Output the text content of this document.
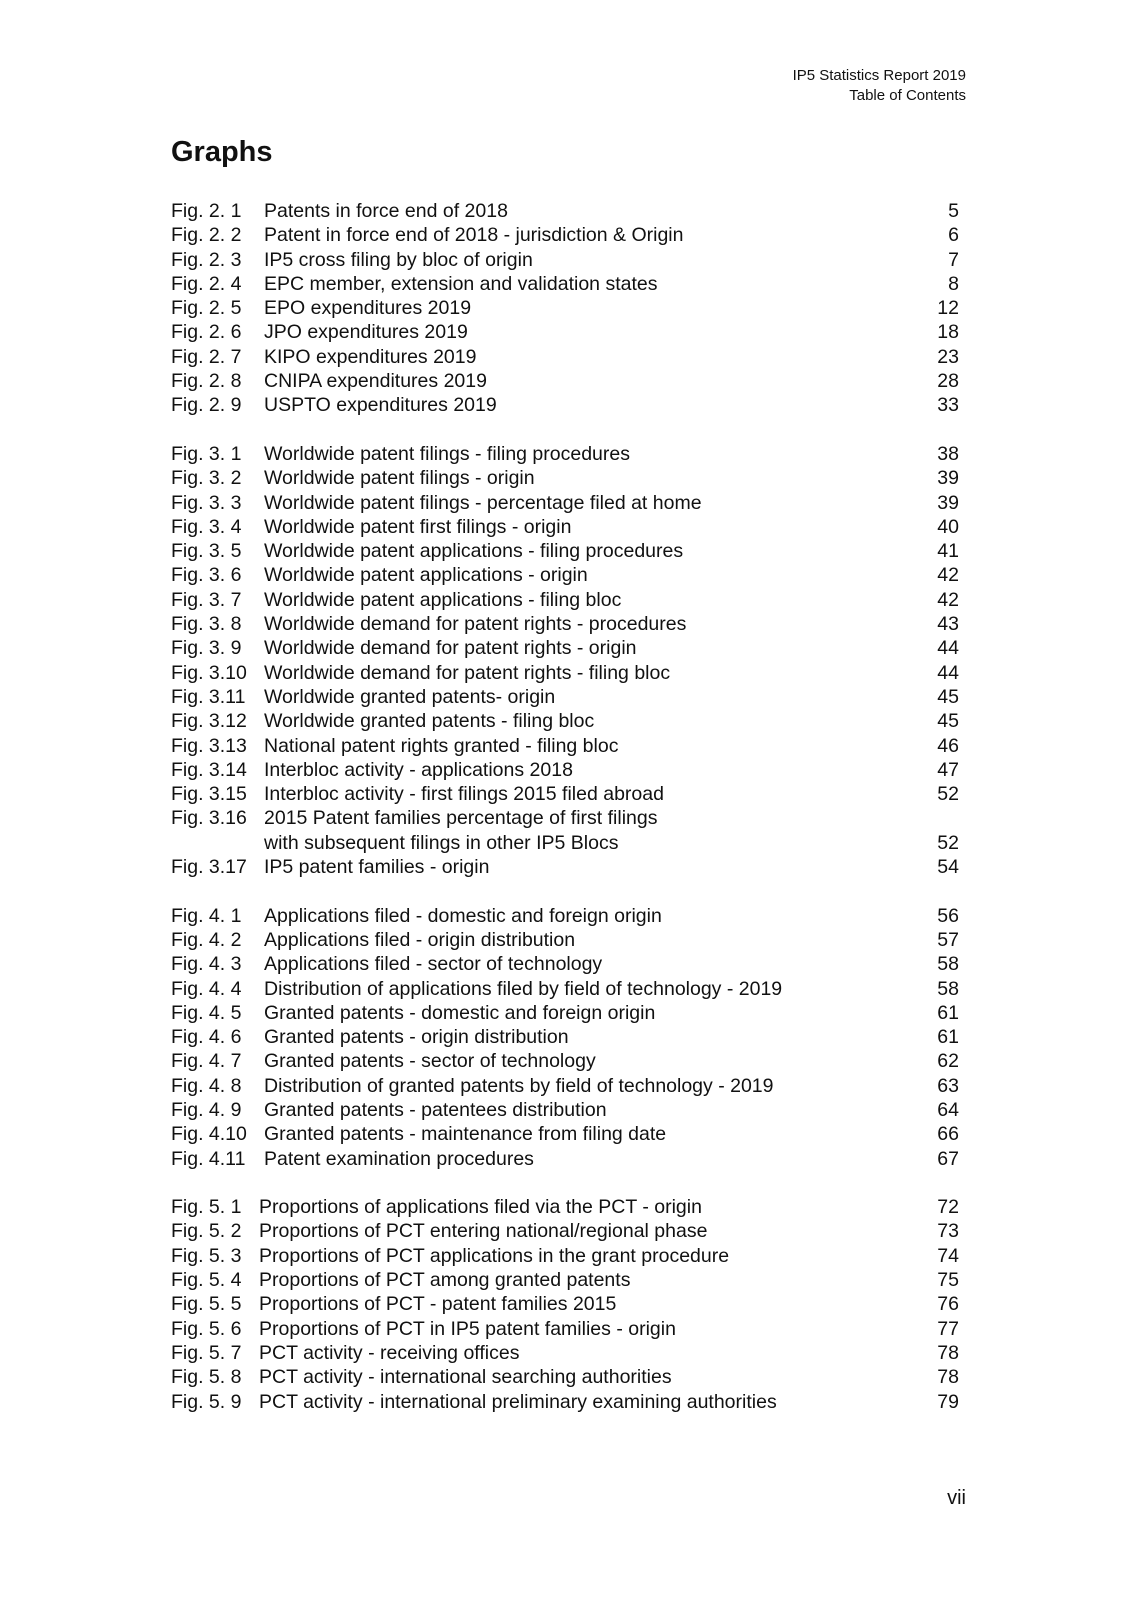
IP5 Statistics Report 2019
Table of Contents
Graphs
Fig. 2. 1	Patents in force end of 2018	5
Fig. 2. 2	Patent in force end of 2018 - jurisdiction & Origin	6
Fig. 2. 3	IP5 cross filing by bloc of origin	7
Fig. 2. 4	EPC member, extension and validation states	8
Fig. 2. 5	EPO expenditures 2019	12
Fig. 2. 6	JPO expenditures 2019	18
Fig. 2. 7	KIPO expenditures 2019	23
Fig. 2. 8	CNIPA expenditures 2019	28
Fig. 2. 9	USPTO expenditures 2019	33
Fig. 3. 1	Worldwide patent filings - filing procedures	38
Fig. 3. 2	Worldwide patent filings - origin	39
Fig. 3. 3	Worldwide patent filings - percentage filed at home	39
Fig. 3. 4	Worldwide patent first filings - origin	40
Fig. 3. 5	Worldwide patent applications - filing procedures	41
Fig. 3. 6	Worldwide patent applications - origin	42
Fig. 3. 7	Worldwide patent applications - filing bloc	42
Fig. 3. 8	Worldwide demand for patent rights - procedures	43
Fig. 3. 9	Worldwide demand for patent rights - origin	44
Fig. 3.10 Worldwide demand for patent rights - filing bloc	44
Fig. 3.11 Worldwide granted patents- origin	45
Fig. 3.12 Worldwide granted patents - filing bloc	45
Fig. 3.13 National patent rights granted - filing bloc	46
Fig. 3.14 Interbloc activity - applications 2018	47
Fig. 3.15 Interbloc activity - first filings 2015 filed abroad	52
Fig. 3.16 2015 Patent families percentage of first filings
with subsequent filings in other IP5 Blocs	52
Fig. 3.17 IP5 patent families - origin	54
Fig. 4. 1	Applications filed - domestic and foreign origin	56
Fig. 4. 2	Applications filed - origin distribution	57
Fig. 4. 3	Applications filed - sector of technology	58
Fig. 4. 4	Distribution of applications filed by field of technology - 2019	58
Fig. 4. 5	Granted patents - domestic and foreign origin	61
Fig. 4. 6	Granted patents - origin distribution	61
Fig. 4. 7	Granted patents - sector of technology	62
Fig. 4. 8	Distribution of granted patents by field of technology - 2019	63
Fig. 4. 9	Granted patents - patentees distribution	64
Fig. 4.10 Granted patents - maintenance from filing date	66
Fig. 4.11 Patent examination procedures	67
Fig. 5. 1 Proportions of applications filed via the PCT - origin	72
Fig. 5. 2 Proportions of PCT entering national/regional phase	73
Fig. 5. 3 Proportions of PCT applications in the grant procedure	74
Fig. 5. 4 Proportions of PCT among granted patents	75
Fig. 5. 5 Proportions of PCT - patent families 2015	76
Fig. 5. 6 Proportions of PCT in IP5 patent families - origin	77
Fig. 5. 7 PCT activity - receiving offices	78
Fig. 5. 8 PCT activity - international searching authorities	78
Fig. 5. 9 PCT activity - international preliminary examining authorities	79
vii
